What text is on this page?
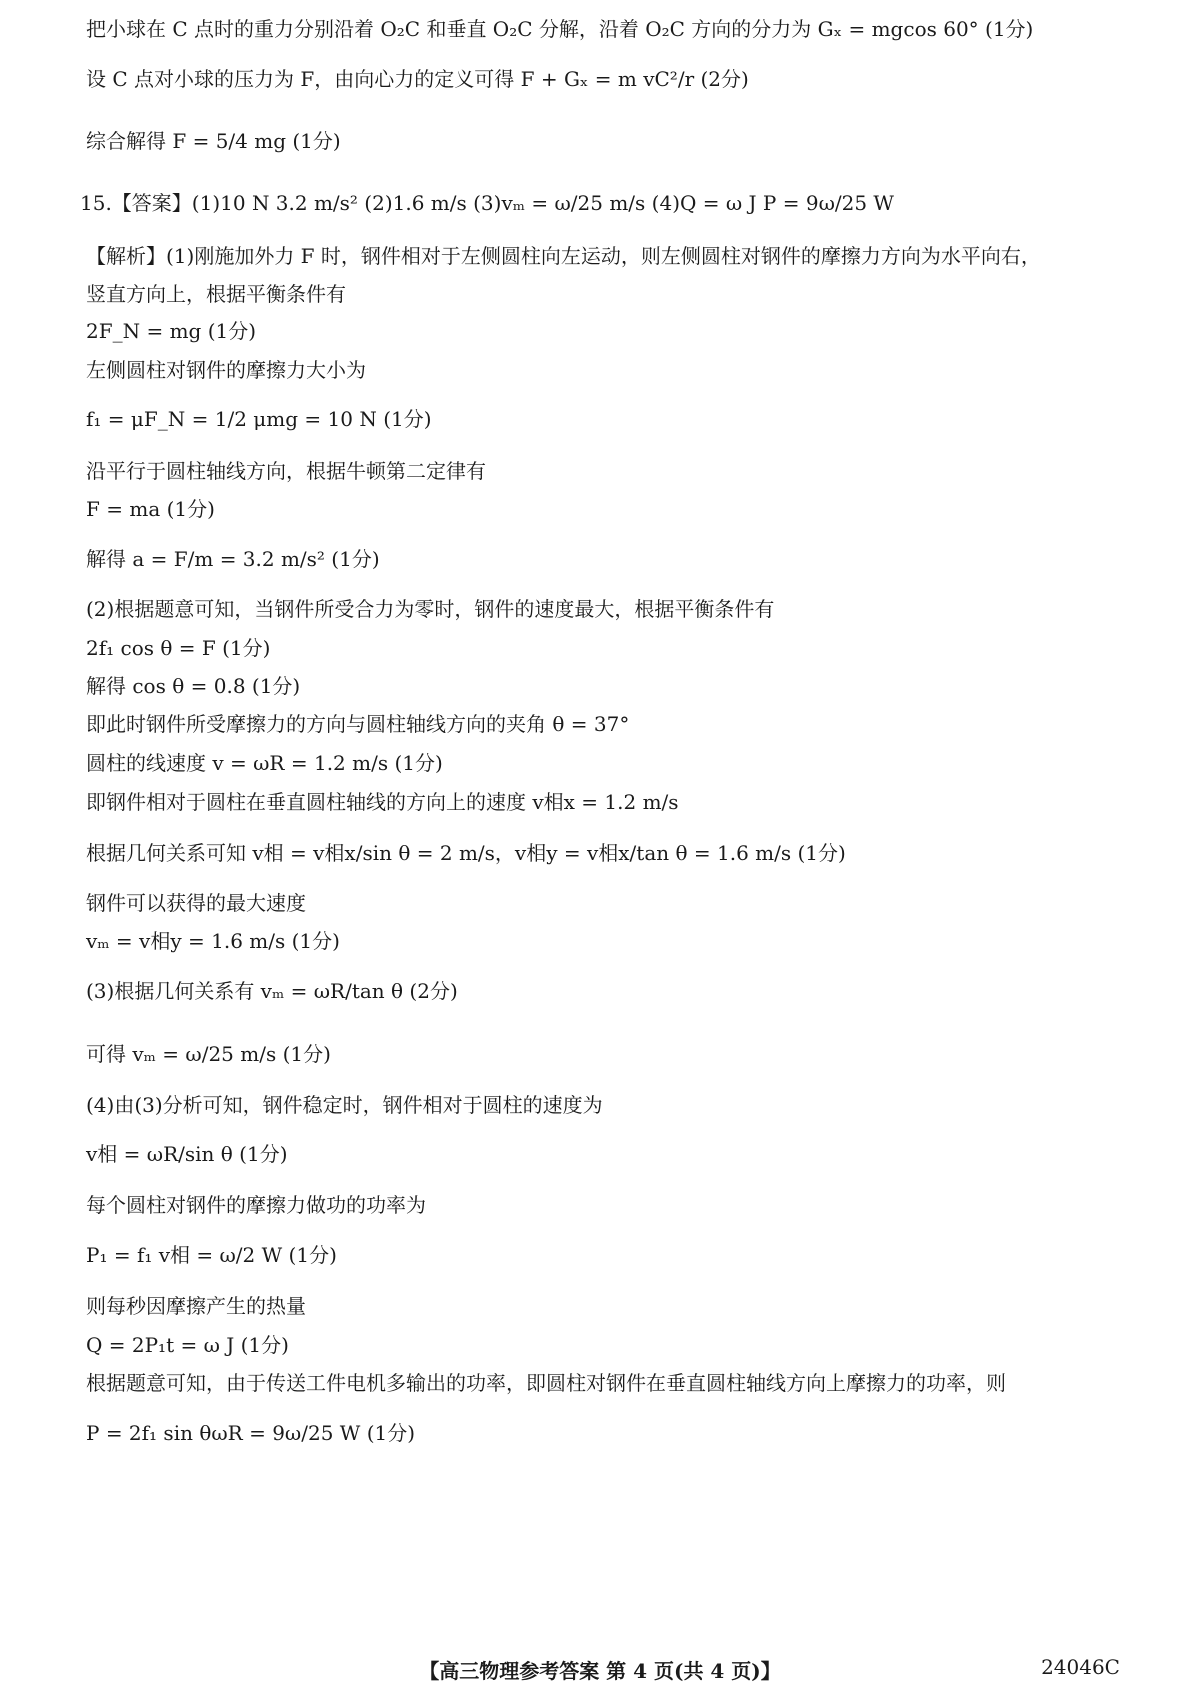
把小球在 C 点时的重力分别沿着 O₂C 和垂直 O₂C 分解，沿着 O₂C 方向的分力为 Gₓ = mgcos 60° (1分)
设 C 点对小球的压力为 F，由向心力的定义可得 F + Gₓ = m vC²/r (2分)
综合解得 F = 5/4 mg (1分)
15.【答案】(1)10 N 3.2 m/s² (2)1.6 m/s (3)vₘ = ω/25 m/s (4)Q = ω J P = 9ω/25 W
【解析】(1)刚施加外力 F 时，钢件相对于左侧圆柱向左运动，则左侧圆柱对钢件的摩擦力方向为水平向右，
竖直方向上，根据平衡条件有
2F_N = mg (1分)
左侧圆柱对钢件的摩擦力大小为
f₁ = μF_N = 1/2 μmg = 10 N (1分)
沿平行于圆柱轴线方向，根据牛顿第二定律有
F = ma (1分)
解得 a = F/m = 3.2 m/s² (1分)
(2)根据题意可知，当钢件所受合力为零时，钢件的速度最大，根据平衡条件有
2f₁ cos θ = F (1分)
解得 cos θ = 0.8 (1分)
即此时钢件所受摩擦力的方向与圆柱轴线方向的夹角 θ = 37°
圆柱的线速度 v = ωR = 1.2 m/s (1分)
即钢件相对于圆柱在垂直圆柱轴线的方向上的速度 v相x = 1.2 m/s
根据几何关系可知 v相 = v相x/sin θ = 2 m/s，v相y = v相x/tan θ = 1.6 m/s (1分)
钢件可以获得的最大速度
vₘ = v相y = 1.6 m/s (1分)
(3)根据几何关系有 vₘ = ωR/tan θ (2分)
可得 vₘ = ω/25 m/s (1分)
(4)由(3)分析可知，钢件稳定时，钢件相对于圆柱的速度为
v相 = ωR/sin θ (1分)
每个圆柱对钢件的摩擦力做功的功率为
P₁ = f₁ v相 = ω/2 W (1分)
则每秒因摩擦产生的热量
Q = 2P₁t = ω J (1分)
根据题意可知，由于传送工件电机多输出的功率，即圆柱对钢件在垂直圆柱轴线方向上摩擦力的功率，则
P = 2f₁ sin θωR = 9ω/25 W (1分)
【高三物理参考答案 第 4 页(共 4 页)】	24046C
